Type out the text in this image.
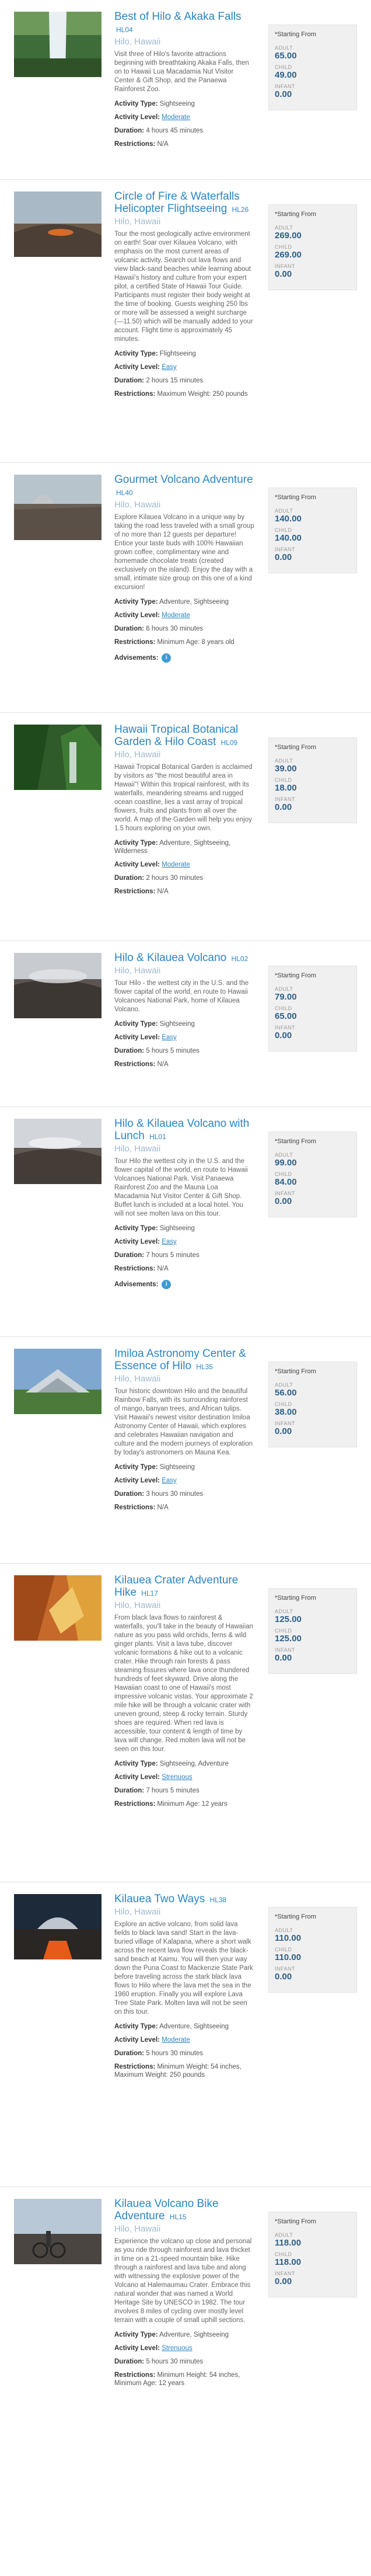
Best of Hilo & Akaka Falls HL04
Hilo, Hawaii

Visit three of Hilo's favorite attractions beginning with breathtaking Akaka Falls, then on to Hawaii Lua Macadamia Nut Visitor Center & Gift Shop, and the Panaewa Rainforest Zoo.

Activity Type: Sightseeing

Activity Level: Moderate

Duration: 4 hours 45 minutes

Restrictions: N/A

*Starting From

ADULT

65.00

CHILD

49.00

INFANT

0.00

Circle of Fire & Waterfalls Helicopter Flightseeing HL26
Hilo, Hawaii

Tour the most geologically active environment on earth! Soar over Kilauea Volcano, with emphasis on the most current areas of volcanic activity. Search out lava flows and view black-sand beaches while learning about Hawaii's history and culture from your expert pilot, a certified State of Hawaii Tour Guide. Participants must register their body weight at the time of booking. Guests weighing 250 lbs or more will be assessed a weight surcharge (—11.50) which will be manually added to your account. Flight time is approximately 45 minutes.

Activity Type: Flightseeing

Activity Level: Easy

Duration: 2 hours 15 minutes

Restrictions: Maximum Weight: 250 pounds

*Starting From

ADULT

269.00

CHILD

269.00

INFANT

0.00

Gourmet Volcano Adventure HL40
Hilo, Hawaii

Explore Kilauea Volcano in a unique way by taking the road less traveled with a small group of no more than 12 guests per departure! Entice your taste buds with 100% Hawaiian grown coffee, complimentary wine and homemade chocolate treats (created exclusively on the island). Enjoy the day with a small, intimate size group on this one of a kind excursion!

Activity Type: Adventure, Sightseeing

Activity Level: Moderate

Duration: 6 hours 30 minutes

Restrictions: Minimum Age: 8 years old

Advisements:	i
*Starting From

ADULT

140.00

CHILD

140.00

INFANT

0.00

Hawaii Tropical Botanical Garden & Hilo Coast HL09
Hilo, Hawaii

Hawaii Tropical Botanical Garden is acclaimed by visitors as "the most beautiful area in Hawaii"! Within this tropical rainforest, with its waterfalls, meandering streams and rugged ocean coastline, lies a vast array of tropical flowers, fruits and plants from all over the world. A map of the Garden will help you enjoy 1.5 hours exploring on your own.

Activity Type: Adventure, Sightseeing, Wilderness

Activity Level: Moderate

Duration: 2 hours 30 minutes

Restrictions: N/A

*Starting From

ADULT

39.00

CHILD

18.00

INFANT

0.00

Hilo & Kilauea Volcano HL02
Hilo, Hawaii

Tour Hilo - the wettest city in the U.S. and the flower capital of the world, en route to Hawaii Volcanoes National Park, home of Kilauea Volcano.

Activity Type: Sightseeing

Activity Level: Easy

Duration: 5 hours 5 minutes

Restrictions: N/A

*Starting From

ADULT

79.00

CHILD

65.00

INFANT

0.00

Hilo & Kilauea Volcano with Lunch HL01
Hilo, Hawaii

Tour Hilo the wettest city in the U.S. and the flower capital of the world, en route to Hawaii Volcanoes National Park. Visit Panaewa Rainforest Zoo and the Mauna Loa Macadamia Nut Visitor Center & Gift Shop. Buffet lunch is included at a local hotel. You will not see molten lava on this tour.

Activity Type: Sightseeing

Activity Level: Easy

Duration: 7 hours 5 minutes

Restrictions: N/A

Advisements:	i
*Starting From

ADULT

99.00

CHILD

84.00

INFANT

0.00

Imiloa Astronomy Center & Essence of Hilo HL35
Hilo, Hawaii

Tour historic downtown Hilo and the beautiful Rainbow Falls, with its surrounding rainforest of mango, banyan trees, and African tulips. Visit Hawaii's newest visitor destination Imiloa Astronomy Center of Hawaii, which explores and celebrates Hawaiian navigation and culture and the modern journeys of exploration by today's astronomers on Mauna Kea.

Activity Type: Sightseeing

Activity Level: Easy

Duration: 3 hours 30 minutes

Restrictions: N/A

*Starting From

ADULT

56.00

CHILD

38.00

INFANT

0.00

Kilauea Crater Adventure Hike HL17
Hilo, Hawaii

From black lava flows to rainforest & waterfalls, you'll take in the beauty of Hawaiian nature as you pass wild orchids, ferns & wild ginger plants. Visit a lava tube, discover volcanic formations & hike out to a volcanic crater. Hike through rain forests & pass steaming fissures where lava once thundered hundreds of feet skyward. Drive along the Hawaiian coast to one of Hawaii's most impressive volcanic vistas. Your approximate 2 mile hike will be through a volcanic crater with uneven ground, steep & rocky terrain. Sturdy shoes are required. When red lava is accessible, tour content & length of time by lava will change. Red molten lava will not be seen on this tour.

Activity Type: Sightseeing, Adventure

Activity Level: Strenuous

Duration: 7 hours 5 minutes

Restrictions: Minimum Age: 12 years

*Starting From

ADULT

125.00

CHILD

125.00

INFANT

0.00

Kilauea Two Ways HL38
Hilo, Hawaii

Explore an active volcano, from solid lava fields to black lava sand! Start in the lava-buried village of Kalapana, where a short walk across the recent lava flow reveals the black-sand beach at Kaimu. You will then your way down the Puna Coast to Mackenzie State Park before traveling across the stark black lava flows to Hilo where the lava met the sea in the 1960 eruption. Finally you will explore Lava Tree State Park. Molten lava will not be seen on this tour.

Activity Type: Adventure, Sightseeing

Activity Level: Moderate

Duration: 5 hours 30 minutes

Restrictions: Minimum Weight: 54 inches, Maximum Weight: 250 pounds

*Starting From

ADULT

110.00

CHILD

110.00

INFANT

0.00

Kilauea Volcano Bike Adventure HL15
Hilo, Hawaii

Experience the volcano up close and personal as you ride through rainforest and lava thicket in time on a 21-speed mountain bike. Hike through a rainforest and lava tube and along with witnessing the explosive power of the Volcano at Halemaumau Crater. Embrace this natural wonder that was named a World Heritage Site by UNESCO in 1982. The tour involves 8 miles of cycling over mostly level terrain with a couple of small uphill sections.

Activity Type: Adventure, Sightseeing

Activity Level: Strenuous

Duration: 5 hours 30 minutes

Restrictions: Minimum Height: 54 inches, Minimum Age: 12 years

*Starting From

ADULT

118.00

CHILD

118.00

INFANT

0.00
